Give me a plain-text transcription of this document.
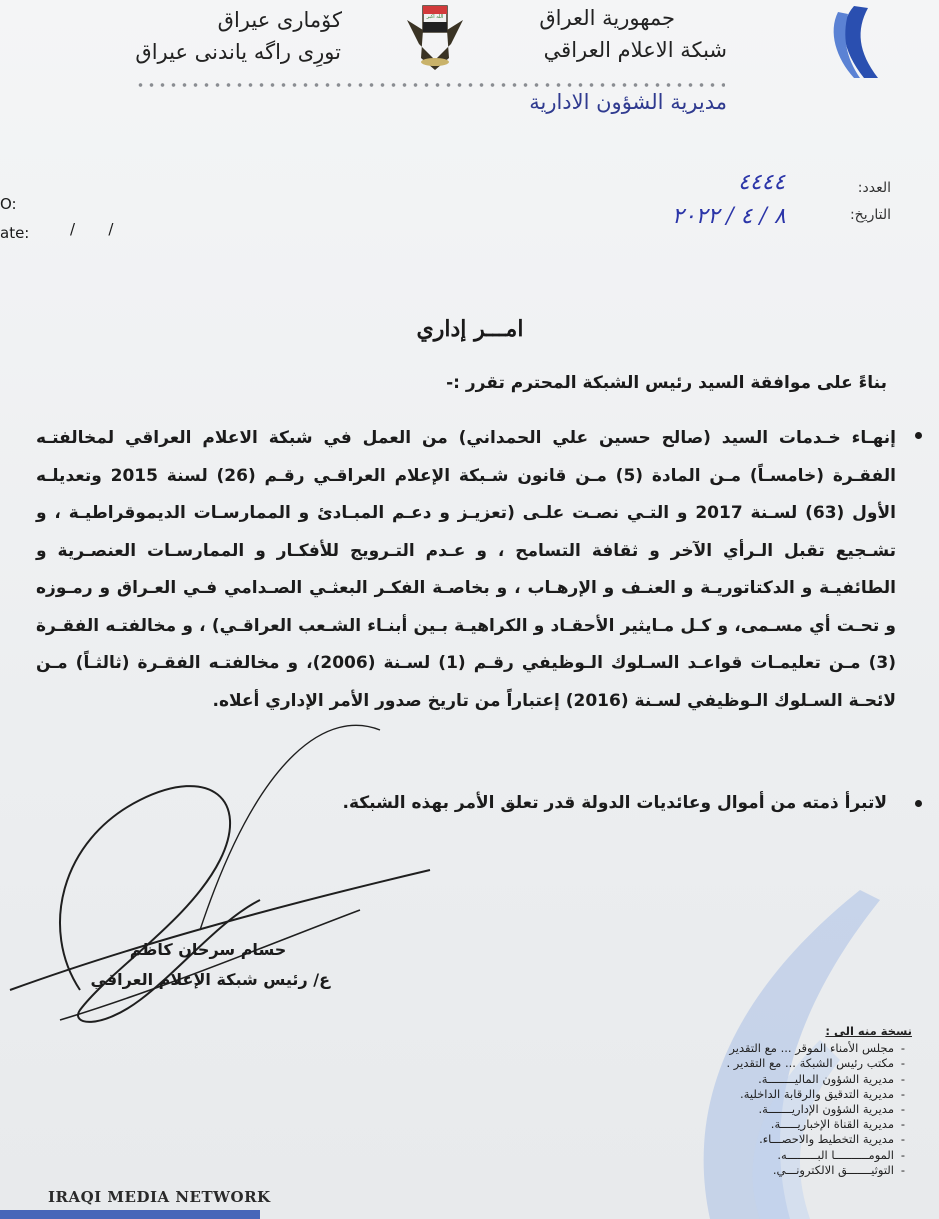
جمهورية العراق
شبكة الاعلام العراقي
الله اكبر
كۆمارى عيراق
تورِى راگه ياندنى عيراق
مديرية الشؤون الادارية
العدد:
٤٤٤٤
التاريخ:
٨ / ٤ / ٢٠٢٢
O:
ate:	/       /
امـــر إداري
بناءً على موافقة السيد رئيس الشبكة المحترم تقرر :-
إنهـاء خـدمات السيد (صالح حسين علي الحمداني) من العمل في شبكة الاعلام العراقي لمخالفتـه الفقـرة (خامسـاً) مـن المادة (5) مـن قانون شـبكة الإعلام العراقـي رقـم (26) لسنة 2015 وتعديلـه الأول (63) لسـنة 2017 و التـي نصـت علـى (تعزيـز و دعـم المبـادئ و الممارسـات الديموقراطيـة ، و تشـجيع تقبل الـرأي الآخر و ثقافة التسامح ، و عـدم التـرويج للأفكـار و الممارسـات العنصـرية و الطائفيـة و الدكتاتوريـة و العنـف و الإرهـاب ، و بخاصـة الفكـر البعثـي الصـدامي فـي العـراق و رمـوزه و تحـت أي مسـمى، و كـل مـايثير الأحقـاد و الكراهيـة بـين أبنـاء الشـعب العراقـي) ، و مخالفتـه الفقـرة (3) مـن تعليمـات قواعـد السـلوك الـوظيفي رقـم (1) لسـنة (2006)، و مخالفتـه الفقـرة (ثالثـاً) مـن لائحـة السـلوك الـوظيفي لسـنة (2016) إعتباراً من تاريخ صدور الأمر الإداري أعلاه.
لاتبرأ ذمته من أموال وعائديات الدولة قدر تعلق الأمر بهذه الشبكة.
حسام سرحان كاظم
ع/ رئيس شبكة الإعلام العراقي
نسخة منه الى :
-
مجلس الأمناء الموقر ... مع التقدير
-
مكتب رئيس الشبكة ... مع التقدير .
-
مديرية الشؤون الماليــــــــة.
-
مديرية التدقيق والرقابة الداخلية.
-
مديرية الشؤون الإداريـــــــة.
-
مديرية القناة الإخباريـــــة.
-
مديرية التخطيط والاحصـــاء.
-
المومــــــــــا البـــــــــه.
-
التوثيـــــــق الالكترونـــي.
IRAQI MEDIA NETWORK
